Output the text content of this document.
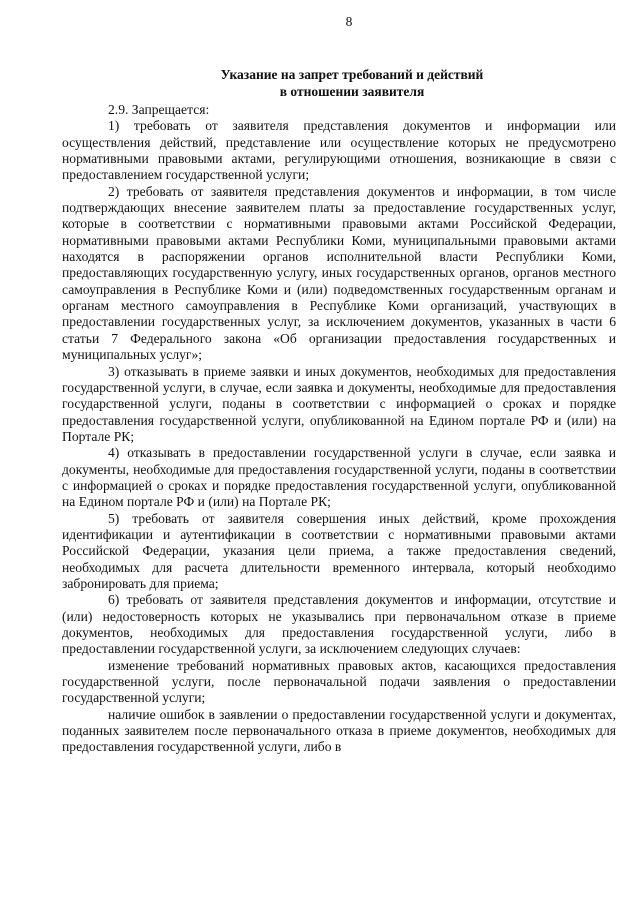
8
Указание на запрет требований и действий
в отношении заявителя

2.9. Запрещается:

1) требовать от заявителя представления документов и информации или осуществления действий, представление или осуществление которых не предусмотрено нормативными правовыми актами, регулирующими отношения, возникающие в связи с предоставлением государственной услуги;

2) требовать от заявителя представления документов и информации, в том числе подтверждающих внесение заявителем платы за предоставление государственных услуг, которые в соответствии с нормативными правовыми актами Российской Федерации, нормативными правовыми актами Республики Коми, муниципальными правовыми актами находятся в распоряжении органов исполнительной власти Республики Коми, предоставляющих государственную услугу, иных государственных органов, органов местного самоуправления в Республике Коми и (или) подведомственных государственным органам и органам местного самоуправления в Республике Коми организаций, участвующих в предоставлении государственных услуг, за исключением документов, указанных в части 6 статьи 7 Федерального закона «Об организации предоставления государственных и муниципальных услуг»;

3) отказывать в приеме заявки и иных документов, необходимых для предоставления государственной услуги, в случае, если заявка и документы, необходимые для предоставления государственной услуги, поданы в соответствии с информацией о сроках и порядке предоставления государственной услуги, опубликованной на Едином портале РФ и (или) на Портале РК;

4) отказывать в предоставлении государственной услуги в случае, если заявка и документы, необходимые для предоставления государственной услуги, поданы в соответствии с информацией о сроках и порядке предоставления государственной услуги, опубликованной на Едином портале РФ и (или) на Портале РК;

5) требовать от заявителя совершения иных действий, кроме прохождения идентификации и аутентификации в соответствии с нормативными правовыми актами Российской Федерации, указания цели приема, а также предоставления сведений, необходимых для расчета длительности временного интервала, который необходимо забронировать для приема;

6) требовать от заявителя представления документов и информации, отсутствие и (или) недостоверность которых не указывались при первоначальном отказе в приеме документов, необходимых для предоставления государственной услуги, либо в предоставлении государственной услуги, за исключением следующих случаев:

изменение требований нормативных правовых актов, касающихся предоставления государственной услуги, после первоначальной подачи заявления о предоставлении государственной услуги;

наличие ошибок в заявлении о предоставлении государственной услуги и документах, поданных заявителем после первоначального отказа в приеме документов, необходимых для предоставления государственной услуги, либо в
